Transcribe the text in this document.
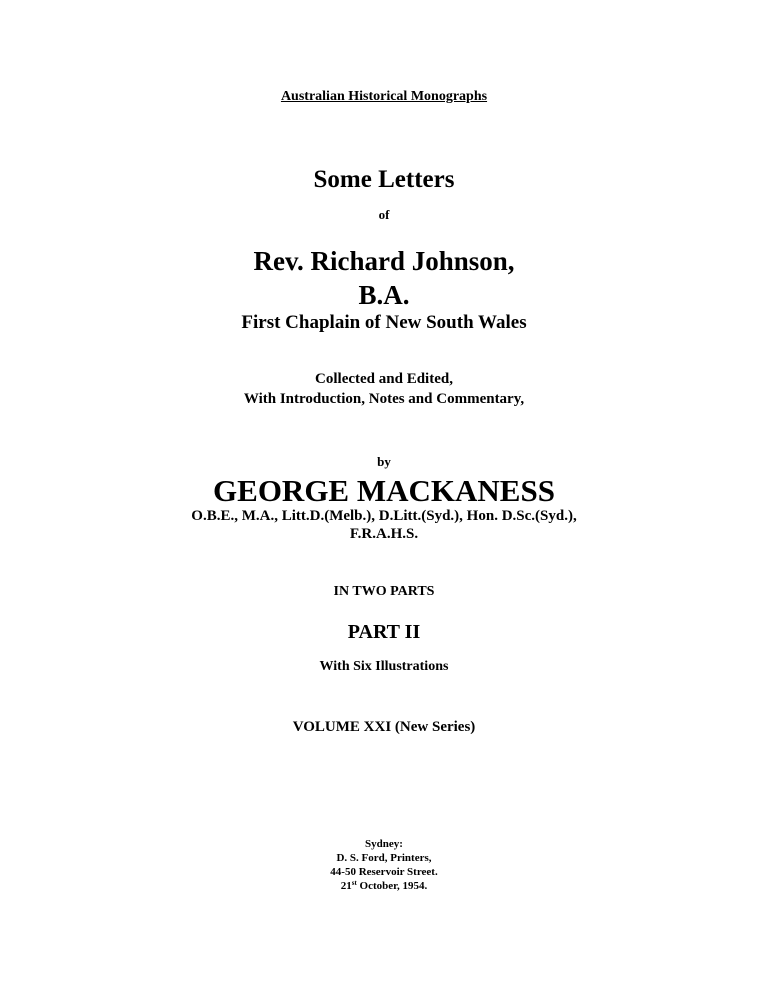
Australian Historical Monographs
Some Letters
of
Rev. Richard Johnson,
B.A.
First Chaplain of New South Wales
Collected and Edited,
With Introduction, Notes and Commentary,
by
GEORGE MACKANESS
O.B.E., M.A., Litt.D.(Melb.), D.Litt.(Syd.), Hon. D.Sc.(Syd.),
F.R.A.H.S.
IN TWO PARTS
PART II
With Six Illustrations
VOLUME XXI (New Series)
Sydney:
D. S. Ford, Printers,
44-50 Reservoir Street.
21st October, 1954.
